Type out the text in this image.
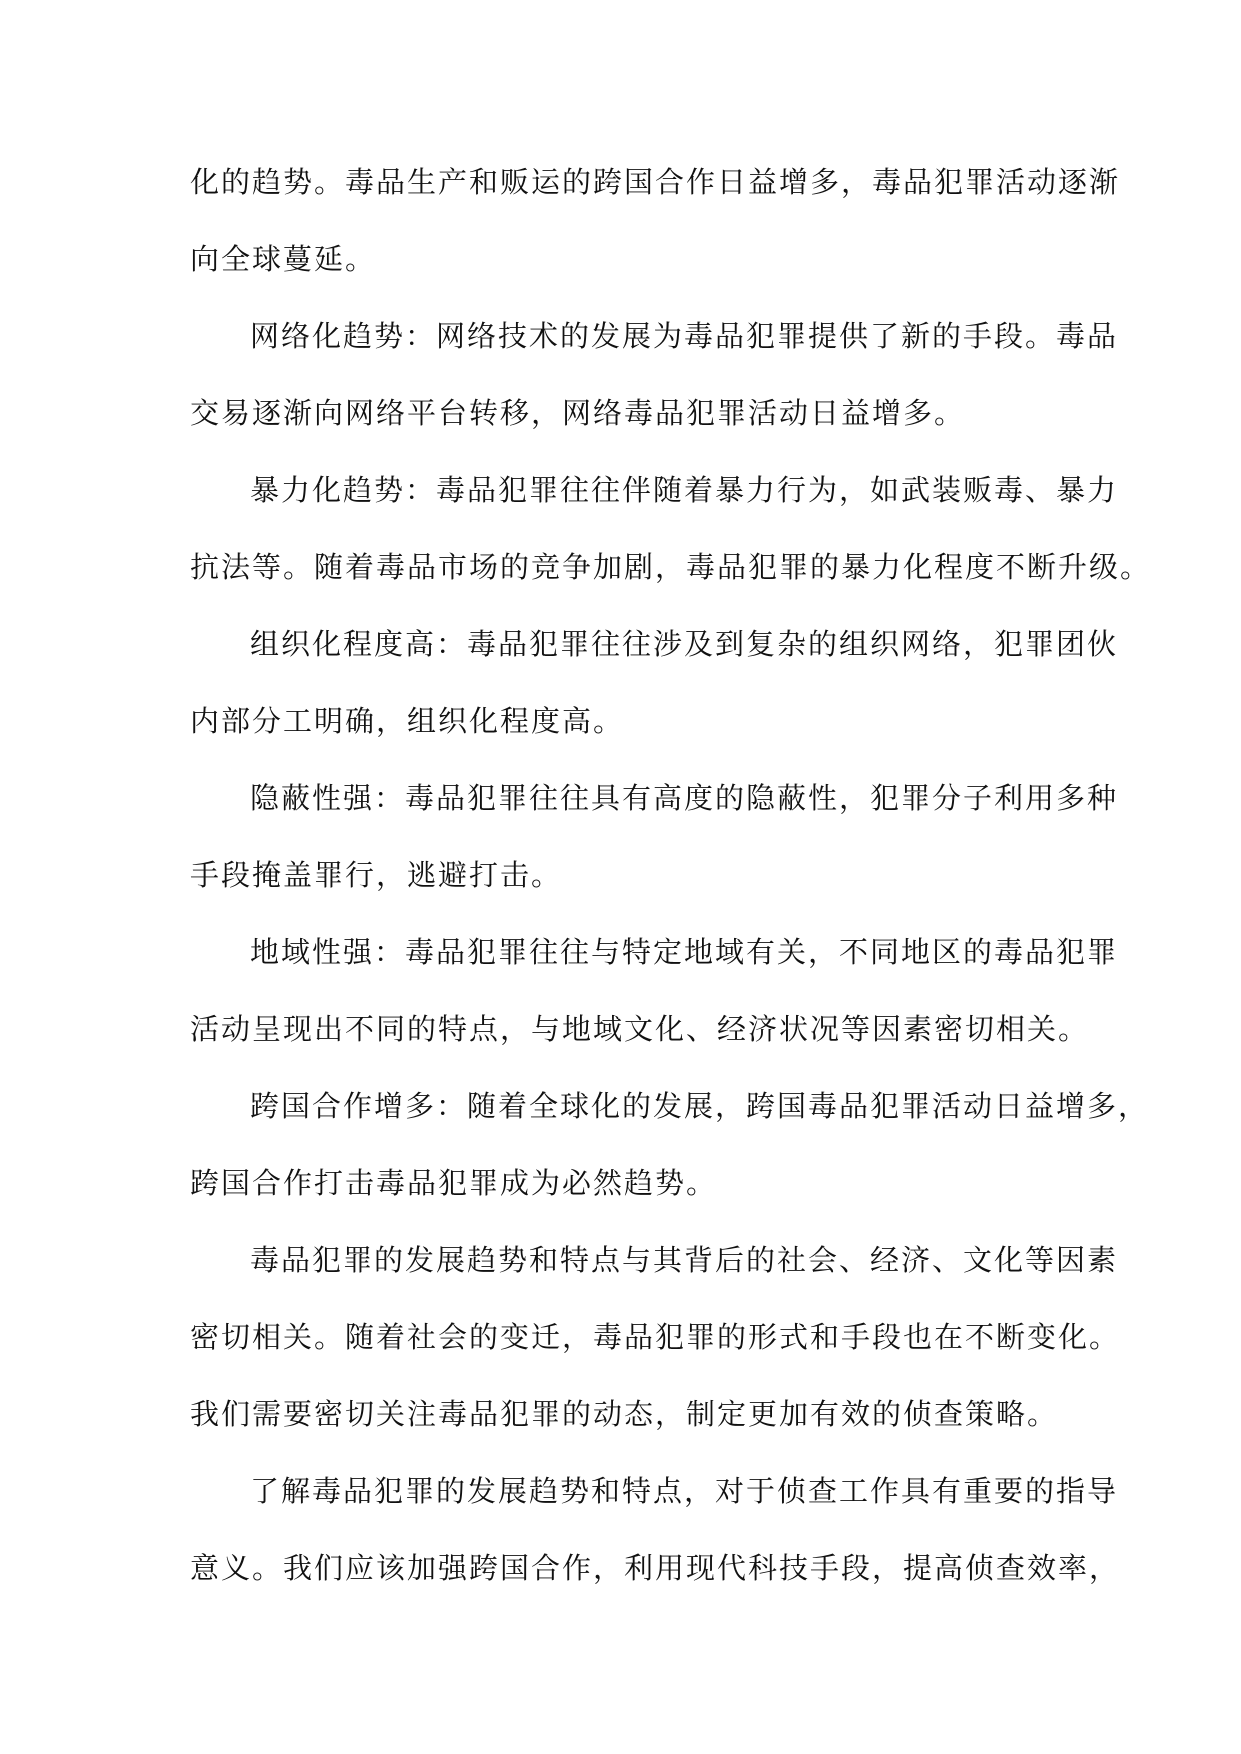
化的趋势。毒品生产和贩运的跨国合作日益增多，毒品犯罪活动逐渐
向全球蔓延。

网络化趋势：网络技术的发展为毒品犯罪提供了新的手段。毒品
交易逐渐向网络平台转移，网络毒品犯罪活动日益增多。

暴力化趋势：毒品犯罪往往伴随着暴力行为，如武装贩毒、暴力
抗法等。随着毒品市场的竞争加剧，毒品犯罪的暴力化程度不断升级。

组织化程度高：毒品犯罪往往涉及到复杂的组织网络，犯罪团伙
内部分工明确，组织化程度高。

隐蔽性强：毒品犯罪往往具有高度的隐蔽性，犯罪分子利用多种
手段掩盖罪行，逃避打击。

地域性强：毒品犯罪往往与特定地域有关，不同地区的毒品犯罪
活动呈现出不同的特点，与地域文化、经济状况等因素密切相关。

跨国合作增多：随着全球化的发展，跨国毒品犯罪活动日益增多，
跨国合作打击毒品犯罪成为必然趋势。

毒品犯罪的发展趋势和特点与其背后的社会、经济、文化等因素
密切相关。随着社会的变迁，毒品犯罪的形式和手段也在不断变化。
我们需要密切关注毒品犯罪的动态，制定更加有效的侦查策略。

了解毒品犯罪的发展趋势和特点，对于侦查工作具有重要的指导
意义。我们应该加强跨国合作，利用现代科技手段，提高侦查效率，
